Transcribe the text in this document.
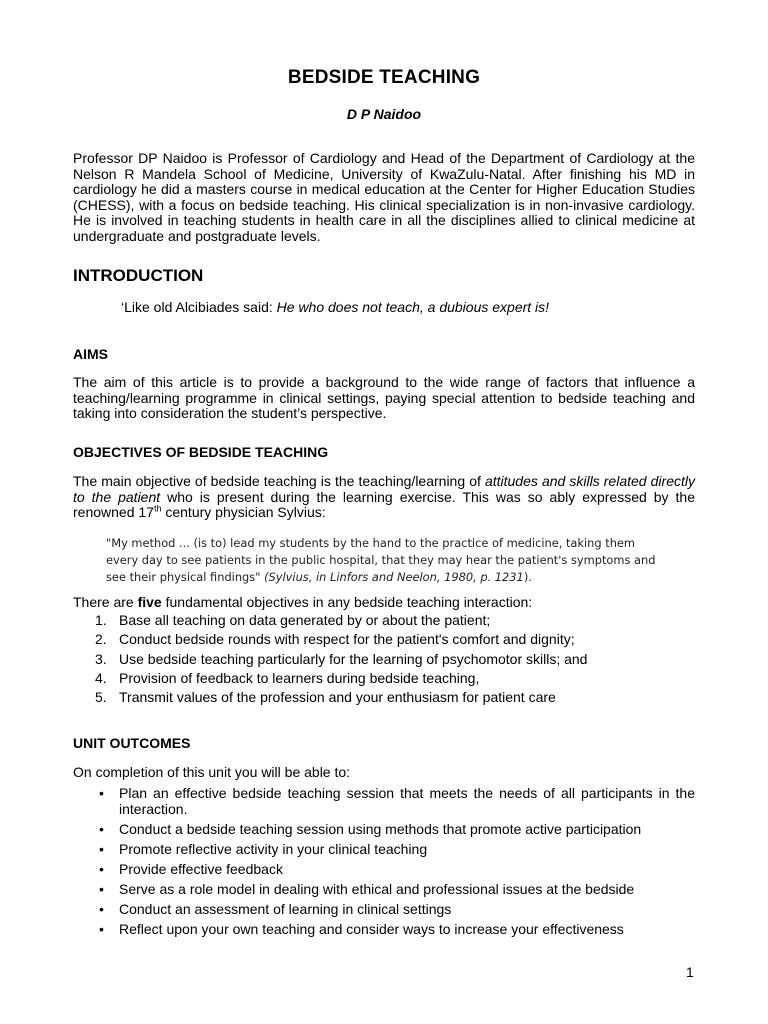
BEDSIDE TEACHING
D P Naidoo

Professor DP Naidoo is Professor of Cardiology and Head of the Department of Cardiology at the Nelson R Mandela School of Medicine, University of KwaZulu-Natal. After finishing his MD in cardiology he did a masters course in medical education at the Center for Higher Education Studies (CHESS), with a focus on bedside teaching. His clinical specialization is in non-invasive cardiology. He is involved in teaching students in health care in all the disciplines allied to clinical medicine at undergraduate and postgraduate levels.

INTRODUCTION

‘Like old Alcibiades said: He who does not teach, a dubious expert is!

AIMS

The aim of this article is to provide a background to the wide range of factors that influence a teaching/learning programme in clinical settings, paying special attention to bedside teaching and taking into consideration the student’s perspective.

OBJECTIVES OF BEDSIDE TEACHING

The main objective of bedside teaching is the teaching/learning of attitudes and skills related directly to the patient who is present during the learning exercise. This was so ably expressed by the renowned 17th century physician Sylvius:

"My method ... (is to) lead my students by the hand to the practice of medicine, taking them every day to see patients in the public hospital, that they may hear the patient's symptoms and see their physical findings" (Sylvius, in Linfors and Neelon, 1980, p. 1231).

There are five fundamental objectives in any bedside teaching interaction:

1. Base all teaching on data generated by or about the patient;
2. Conduct bedside rounds with respect for the patient's comfort and dignity;
3. Use bedside teaching particularly for the learning of psychomotor skills; and
4. Provision of feedback to learners during bedside teaching,
5. Transmit values of the profession and your enthusiasm for patient care
UNIT OUTCOMES

On completion of this unit you will be able to:

• Plan an effective bedside teaching session that meets the needs of all participants in the interaction.
• Conduct a bedside teaching session using methods that promote active participation
• Promote reflective activity in your clinical teaching
• Provide effective feedback
• Serve as a role model in dealing with ethical and professional issues at the bedside
• Conduct an assessment of learning in clinical settings
• Reflect upon your own teaching and consider ways to increase your effectiveness
1
